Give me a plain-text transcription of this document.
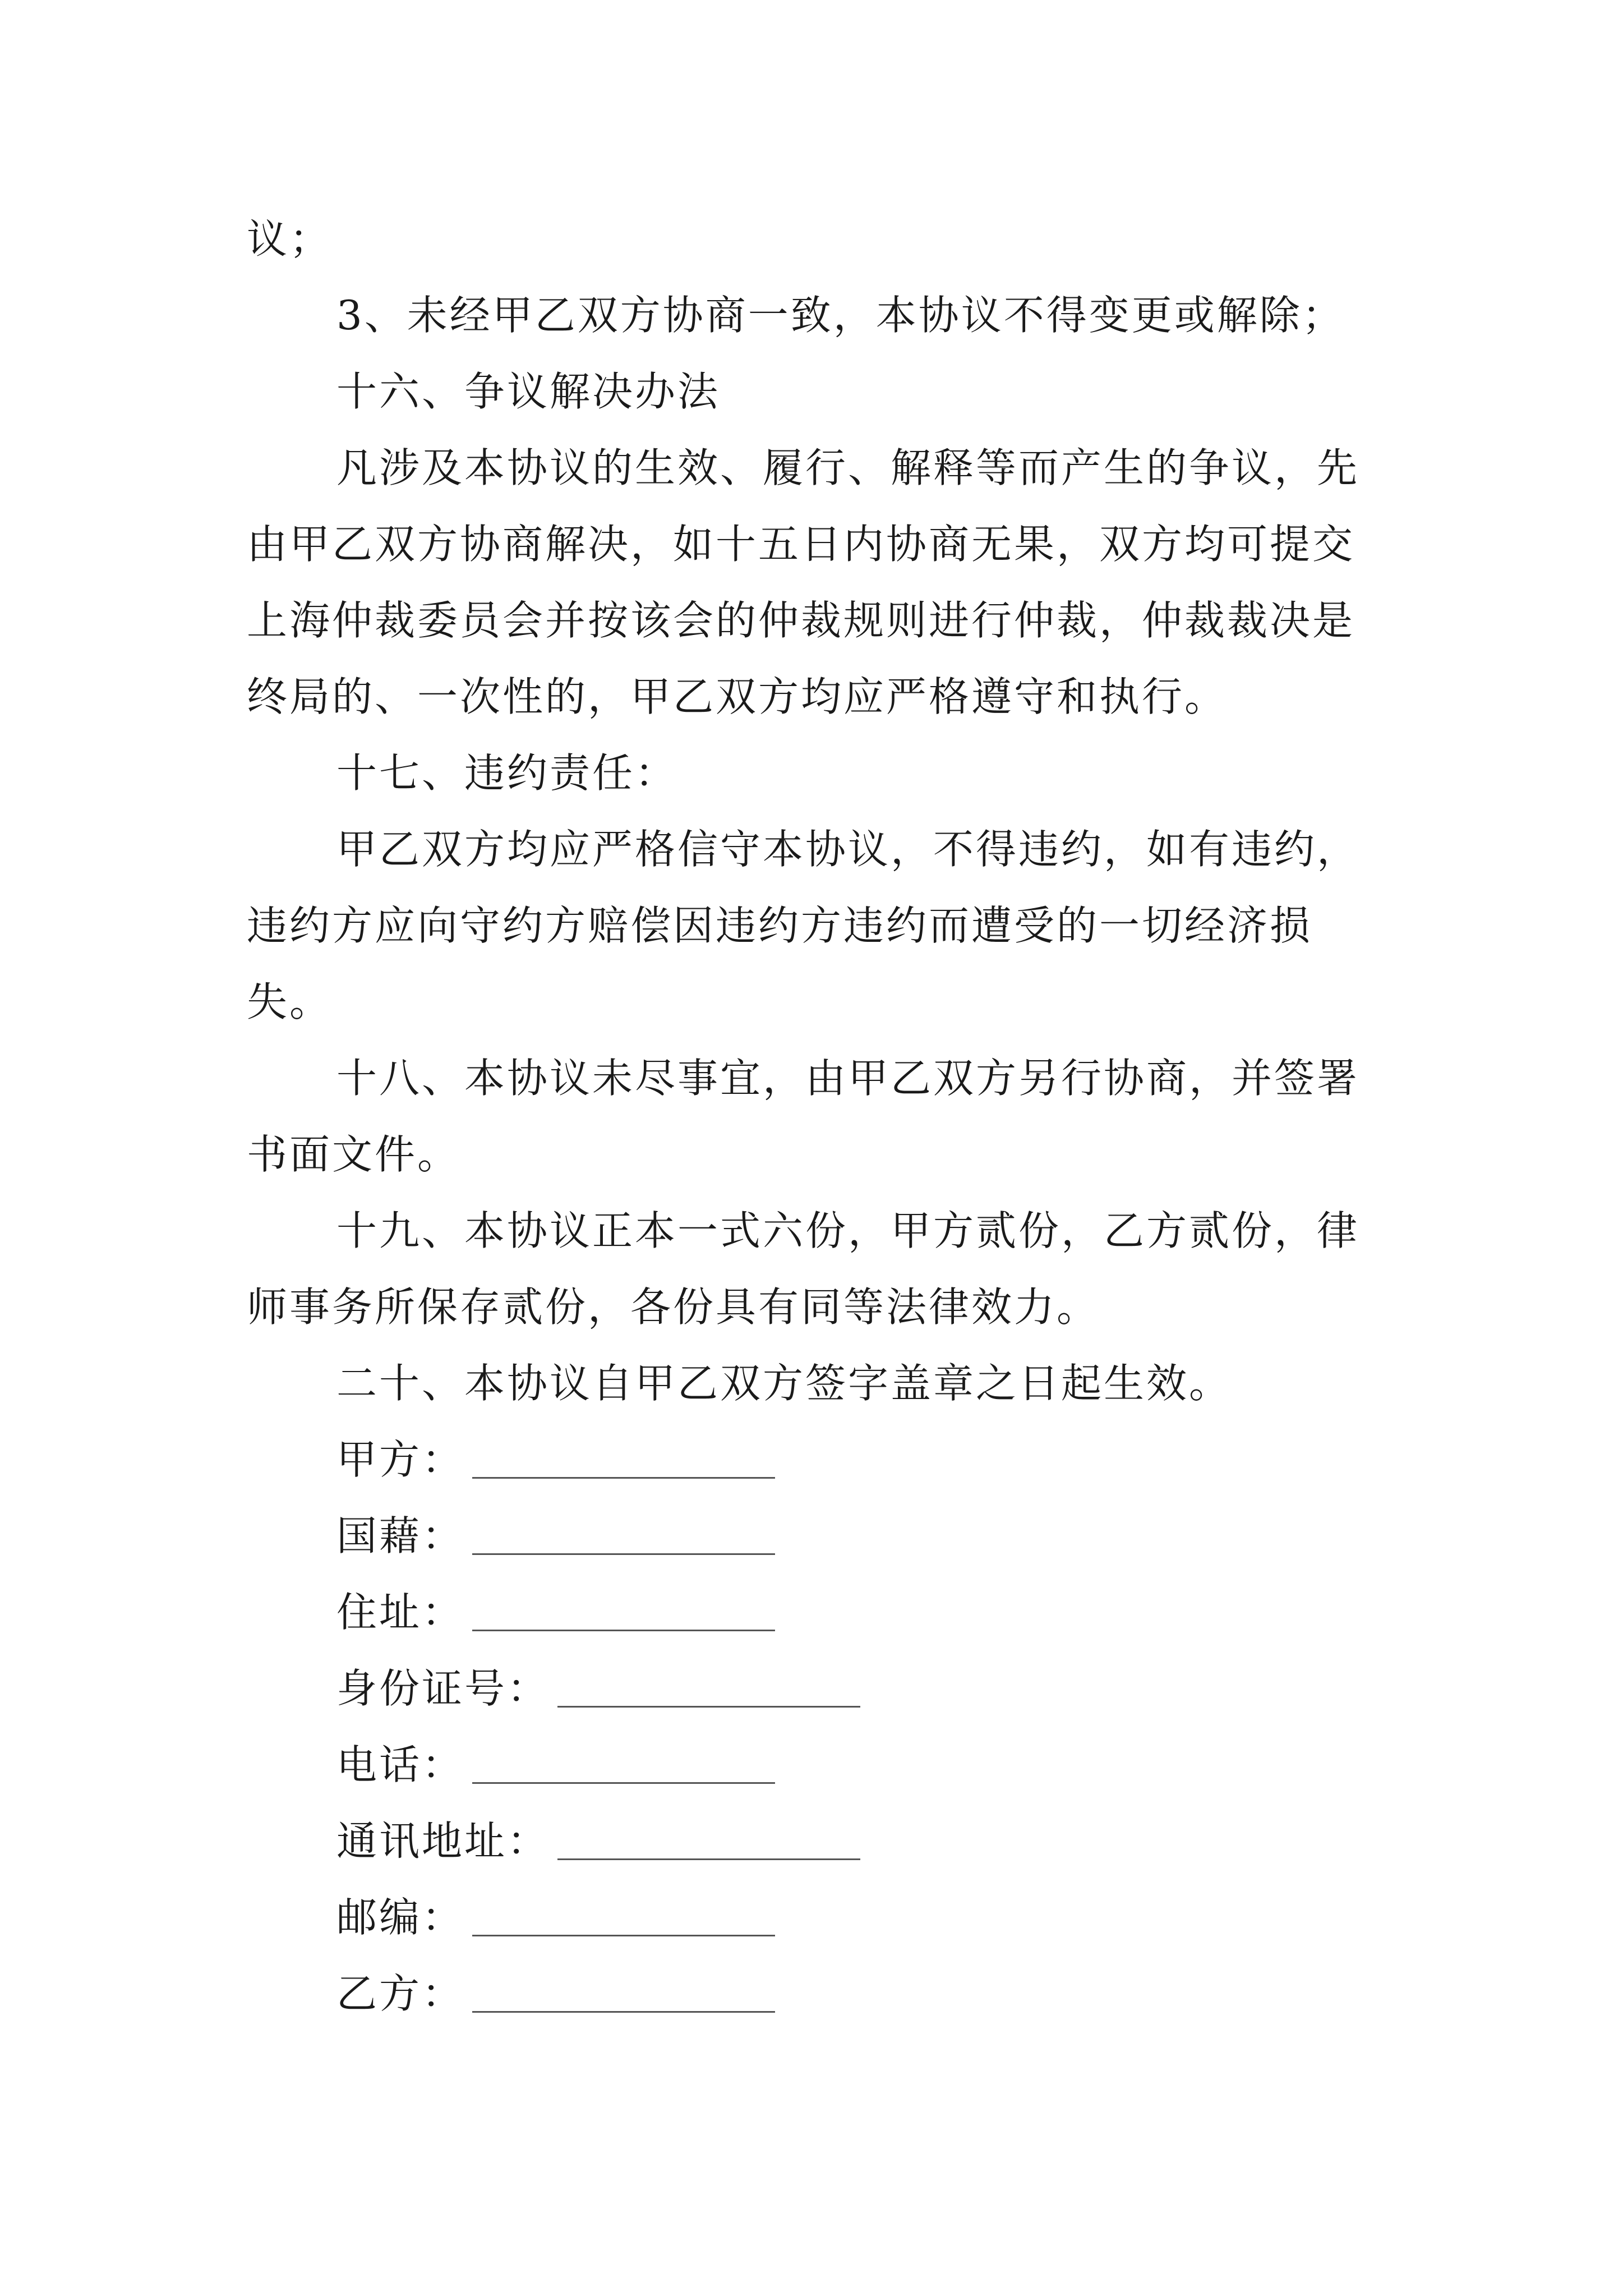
议；
3、未经甲乙双方协商一致，本协议不得变更或解除；
十六、争议解决办法
凡涉及本协议的生效、履行、解释等而产生的争议，先
由甲乙双方协商解决，如十五日内协商无果，双方均可提交
上海仲裁委员会并按该会的仲裁规则进行仲裁，仲裁裁决是
终局的、一次性的，甲乙双方均应严格遵守和执行。
十七、违约责任：
甲乙双方均应严格信守本协议，不得违约，如有违约，
违约方应向守约方赔偿因违约方违约而遭受的一切经济损
失。
十八、本协议未尽事宜，由甲乙双方另行协商，并签署
书面文件。
十九、本协议正本一式六份，甲方贰份，乙方贰份，律
师事务所保存贰份，各份具有同等法律效力。
二十、本协议自甲乙双方签字盖章之日起生效。
甲方：
国藉：
住址：
身份证号：
电话：
通讯地址：
邮编：
乙方：
